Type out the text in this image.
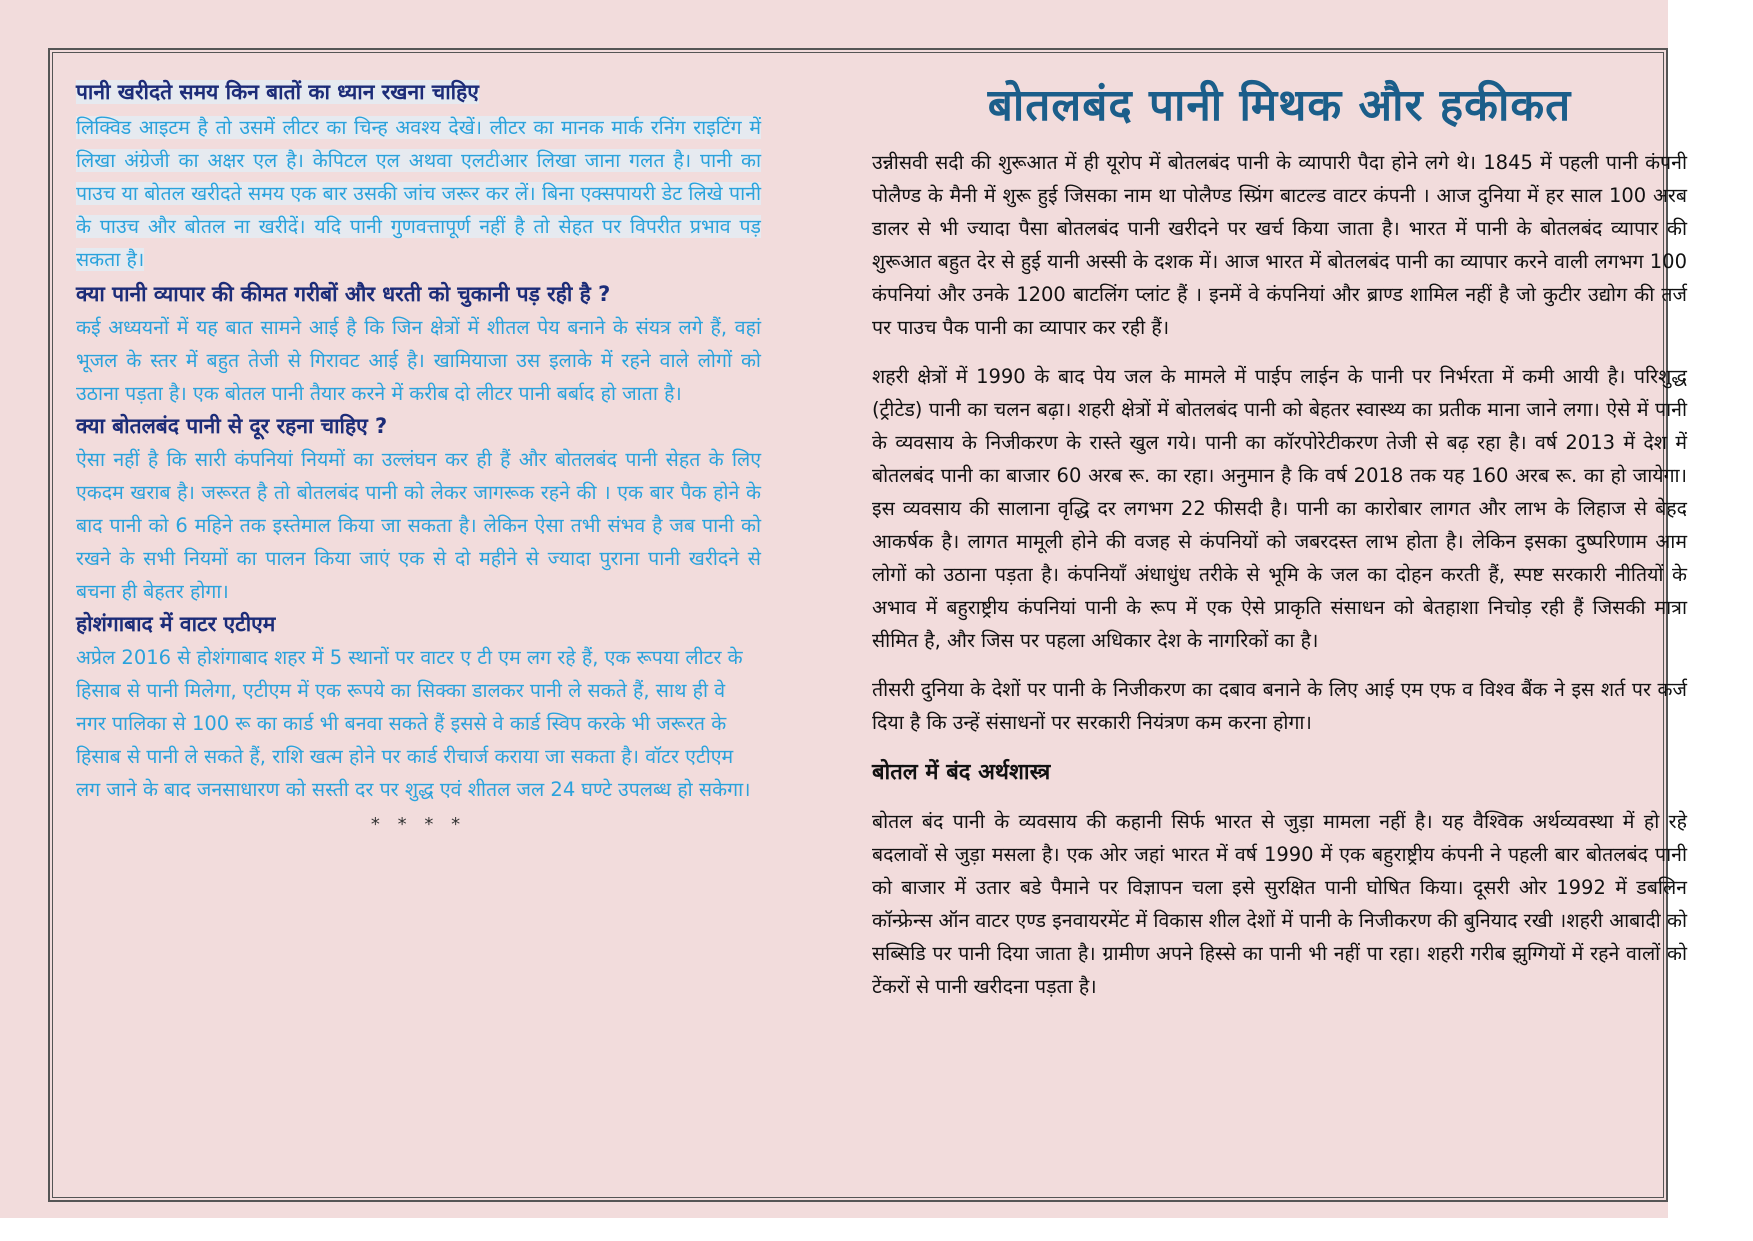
पानी खरीदते समय किन बातों का ध्यान रखना चाहिए

लिक्विड आइटम है तो उसमें लीटर का चिन्ह अवश्य देखें। लीटर का मानक मार्क रनिंग राइटिंग में लिखा अंग्रेजी का अक्षर एल है। केपिटल एल अथवा एलटीआर लिखा जाना गलत है। पानी का पाउच या बोतल खरीदते समय एक बार उसकी जांच जरूर कर लें। बिना एक्सपायरी डेट लिखे पानी के पाउच और बोतल ना खरीदें। यदि पानी गुणवत्तापूर्ण नहीं है तो सेहत पर विपरीत प्रभाव पड़ सकता है।

क्या पानी व्यापार की कीमत गरीबों और धरती को चुकानी पड़ रही है ?

कई अध्ययनों में यह बात सामने आई है कि जिन क्षेत्रों में शीतल पेय बनाने के संयत्र लगे हैं, वहां भूजल के स्तर में बहुत तेजी से गिरावट आई है। खामियाजा उस इलाके में रहने वाले लोगों को उठाना पड़ता है। एक बोतल पानी तैयार करने में करीब दो लीटर पानी बर्बाद हो जाता है।

क्या बोतलबंद पानी से दूर रहना चाहिए ?

ऐसा नहीं है कि सारी कंपनियां नियमों का उल्लंघन कर ही हैं और बोतलबंद पानी सेहत के लिए एकदम खराब है। जरूरत है तो बोतलबंद पानी को लेकर जागरूक रहने की । एक बार पैक होने के बाद पानी को 6 महिने तक इस्तेमाल किया जा सकता है। लेकिन ऐसा तभी संभव है जब पानी को रखने के सभी नियमों का पालन किया जाएं एक से दो महीने से ज्यादा पुराना पानी खरीदने से बचना ही बेहतर होगा।

होशंगाबाद में वाटर एटीएम

अप्रेल 2016 से होशंगाबाद शहर में 5 स्थानों पर वाटर ए टी एम लग रहे हैं, एक रूपया लीटर के हिसाब से पानी मिलेगा, एटीएम में एक रूपये का सिक्का डालकर पानी ले सकते हैं, साथ ही वे नगर पालिका से 100 रू का कार्ड भी बनवा सकते हैं इससे वे कार्ड स्विप करके भी जरूरत के हिसाब से पानी ले सकते हैं, राशि खत्म होने पर कार्ड रीचार्ज कराया जा सकता है। वॉटर एटीएम लग जाने के बाद जनसाधारण को सस्ती दर पर शुद्ध एवं शीतल जल 24 घण्टे उपलब्ध हो सकेगा।

* * * *
बोतलबंद पानी मिथक और हकीकत

उन्नीसवी सदी की शुरूआत में ही यूरोप में बोतलबंद पानी के व्यापारी पैदा होने लगे थे। 1845 में पहली पानी कंपनी पोलैण्ड के मैनी में शुरू हुई जिसका नाम था पोलैण्ड स्प्रिंग बाटल्ड वाटर कंपनी । आज दुनिया में हर साल 100 अरब डालर से भी ज्यादा पैसा बोतलबंद पानी खरीदने पर खर्च किया जाता है। भारत में पानी के बोतलबंद व्यापार की शुरूआत बहुत देर से हुई यानी अस्सी के दशक में। आज भारत में बोतलबंद पानी का व्यापार करने वाली लगभग 100 कंपनियां और उनके 1200 बाटलिंग प्लांट हैं । इनमें वे कंपनियां और ब्राण्ड शामिल नहीं है जो कुटीर उद्योग की तर्ज पर पाउच पैक पानी का व्यापार कर रही हैं।

शहरी क्षेत्रों में 1990 के बाद पेय जल के मामले में पाईप लाईन के पानी पर निर्भरता में कमी आयी है। परिशुद्ध (ट्रीटेड) पानी का चलन बढ़ा। शहरी क्षेत्रों में बोतलबंद पानी को बेहतर स्वास्थ्य का प्रतीक माना जाने लगा। ऐसे में पानी के व्यवसाय के निजीकरण के रास्ते खुल गये। पानी का कॉरपोरेटीकरण तेजी से बढ़ रहा है। वर्ष 2013 में देश में बोतलबंद पानी का बाजार 60 अरब रू. का रहा। अनुमान है कि वर्ष 2018 तक यह 160 अरब रू. का हो जायेगा। इस व्यवसाय की सालाना वृद्धि दर लगभग 22 फीसदी है। पानी का कारोबार लागत और लाभ के लिहाज से बेहद आकर्षक है। लागत मामूली होने की वजह से कंपनियों को जबरदस्त लाभ होता है। लेकिन इसका दुष्परिणाम आम लोगों को उठाना पड़ता है। कंपनियाँ अंधाधुंध तरीके से भूमि के जल का दोहन करती हैं, स्पष्ट सरकारी नीतियों के अभाव में बहुराष्ट्रीय कंपनियां पानी के रूप में एक ऐसे प्राकृति संसाधन को बेतहाशा निचोड़ रही हैं जिसकी मात्रा सीमित है, और जिस पर पहला अधिकार देश के नागरिकों का है।

तीसरी दुनिया के देशों पर पानी के निजीकरण का दबाव बनाने के लिए आई एम एफ व विश्व बैंक ने इस शर्त पर कर्ज दिया है कि उन्हें संसाधनों पर सरकारी नियंत्रण कम करना होगा।

बोतल में बंद अर्थशास्त्र

बोतल बंद पानी के व्यवसाय की कहानी सिर्फ भारत से जुड़ा मामला नहीं है। यह वैश्विक अर्थव्यवस्था में हो रहे बदलावों से जुड़ा मसला है। एक ओर जहां भारत में वर्ष 1990 में एक बहुराष्ट्रीय कंपनी ने पहली बार बोतलबंद पानी को बाजार में उतार बडे पैमाने पर विज्ञापन चला इसे सुरक्षित पानी घोषित किया। दूसरी ओर 1992 में डबलिन कॉन्फ्रेन्स ऑन वाटर एण्ड इनवायरमेंट में विकास शील देशों में पानी के निजीकरण की बुनियाद रखी ।शहरी आबादी को सब्सिडि पर पानी दिया जाता है। ग्रामीण अपने हिस्से का पानी भी नहीं पा रहा। शहरी गरीब झुग्गियों में रहने वालों को टेंकरों से पानी खरीदना पड़ता है।
